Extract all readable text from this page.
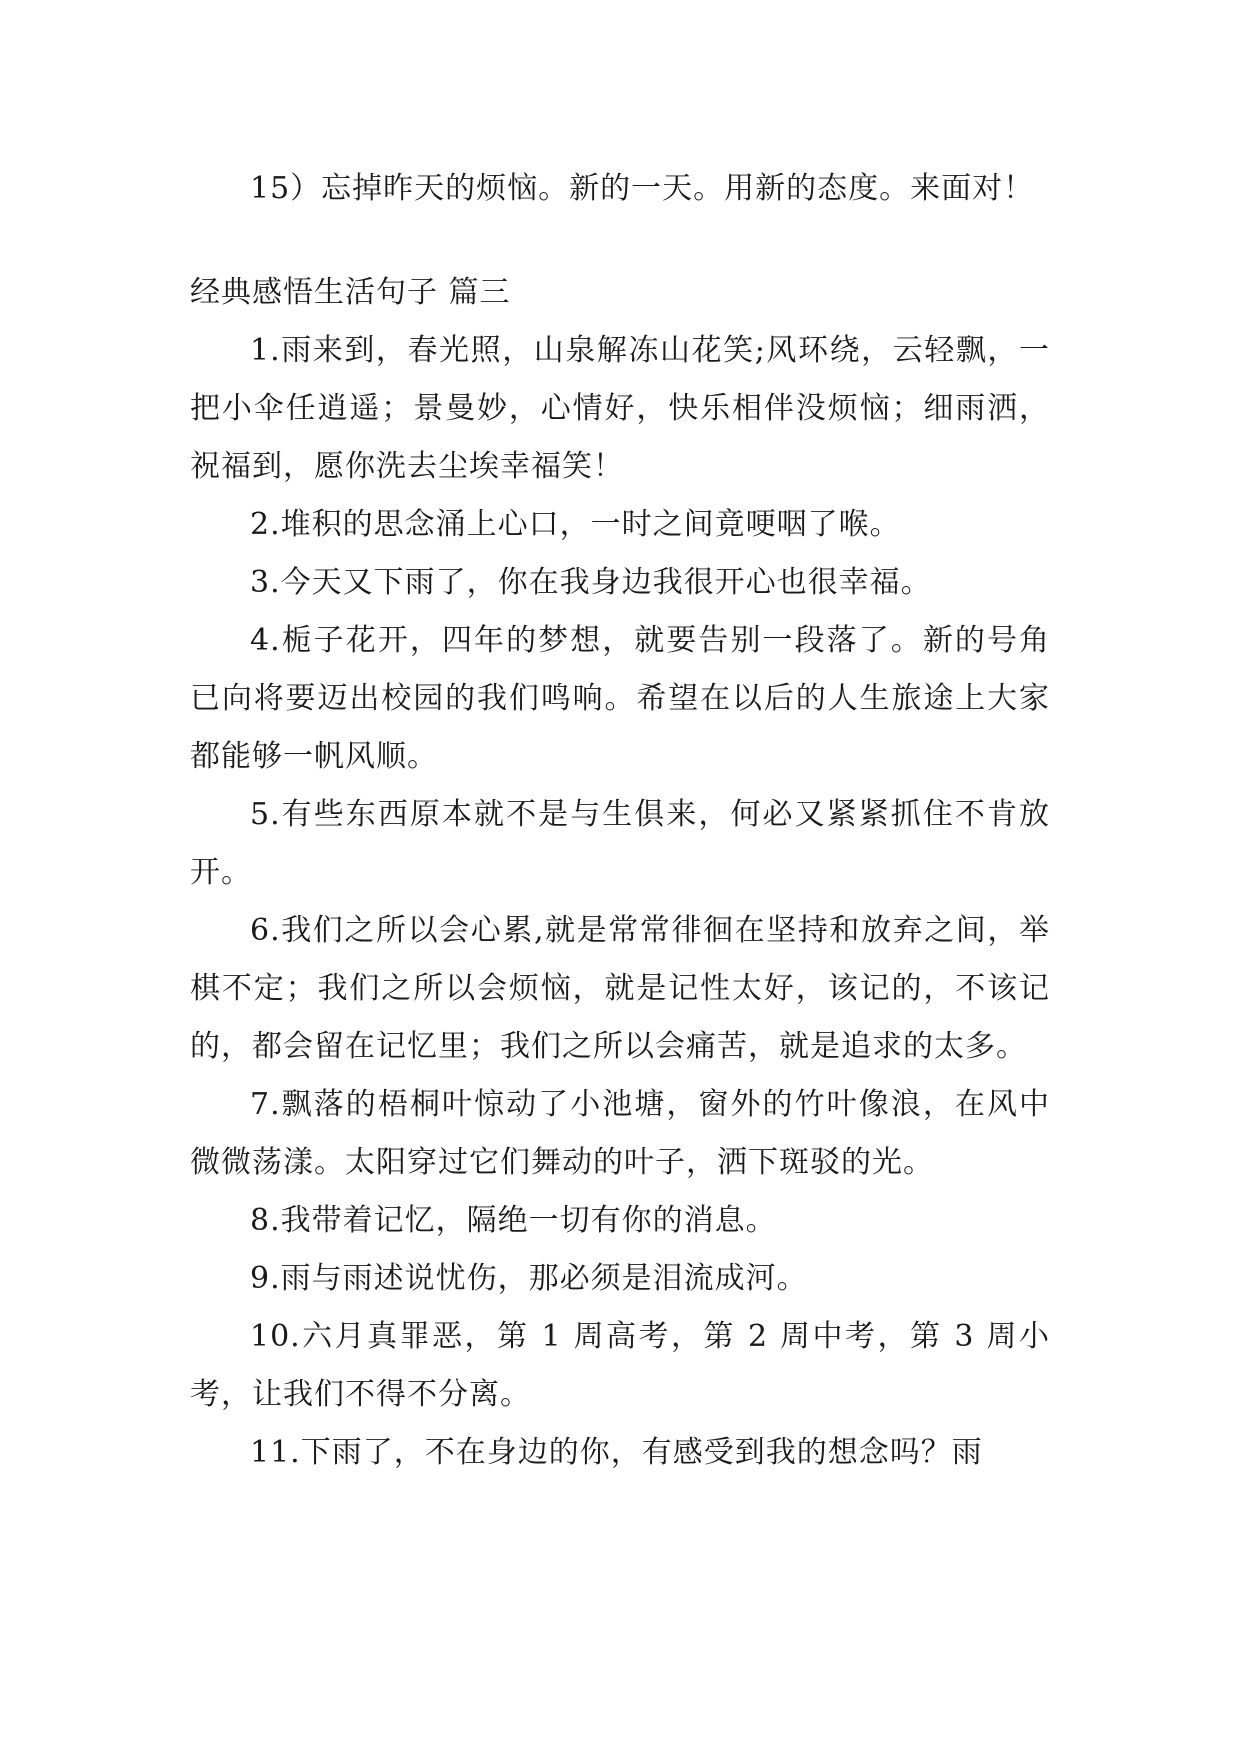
15）忘掉昨天的烦恼。新的一天。用新的态度。来面对！

经典感悟生活句子 篇三

1.雨来到，春光照，山泉解冻山花笑;风环绕，云轻飘，一把小伞任逍遥；景曼妙，心情好，快乐相伴没烦恼；细雨洒，祝福到，愿你洗去尘埃幸福笑！

2.堆积的思念涌上心口，一时之间竟哽咽了喉。

3.今天又下雨了，你在我身边我很开心也很幸福。

4.栀子花开，四年的梦想，就要告别一段落了。新的号角已向将要迈出校园的我们鸣响。希望在以后的人生旅途上大家都能够一帆风顺。

5.有些东西原本就不是与生俱来，何必又紧紧抓住不肯放开。

6.我们之所以会心累,就是常常徘徊在坚持和放弃之间，举棋不定；我们之所以会烦恼，就是记性太好，该记的，不该记的，都会留在记忆里；我们之所以会痛苦，就是追求的太多。

7.飘落的梧桐叶惊动了小池塘，窗外的竹叶像浪，在风中微微荡漾。太阳穿过它们舞动的叶子，洒下斑驳的光。

8.我带着记忆，隔绝一切有你的消息。

9.雨与雨述说忧伤，那必须是泪流成河。

10.六月真罪恶，第 1 周高考，第 2 周中考，第 3 周小考，让我们不得不分离。

11.下雨了，不在身边的你，有感受到我的想念吗？雨
